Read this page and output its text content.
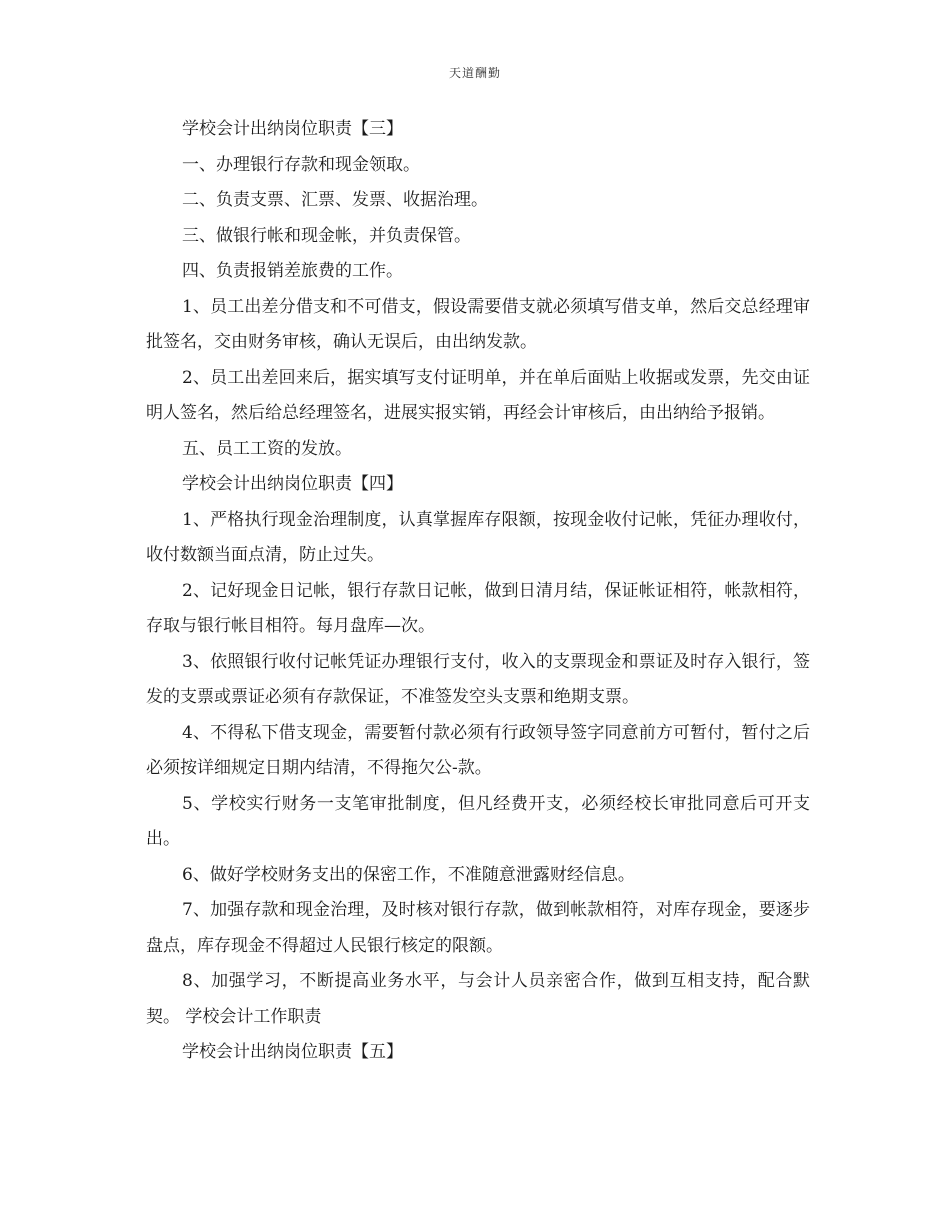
天道酬勤

学校会计出纳岗位职责【三】

一、办理银行存款和现金领取。

二、负责支票、汇票、发票、收据治理。

三、做银行帐和现金帐，并负责保管。

四、负责报销差旅费的工作。

1、员工出差分借支和不可借支，假设需要借支就必须填写借支单，然后交总经理审批签名，交由财务审核，确认无误后，由出纳发款。

2、员工出差回来后，据实填写支付证明单，并在单后面贴上收据或发票，先交由证明人签名，然后给总经理签名，进展实报实销，再经会计审核后，由出纳给予报销。

五、员工工资的发放。

学校会计出纳岗位职责【四】

1、严格执行现金治理制度，认真掌握库存限额，按现金收付记帐，凭征办理收付，收付数额当面点清，防止过失。

2、记好现金日记帐，银行存款日记帐，做到日清月结，保证帐证相符，帐款相符，存取与银行帐目相符。每月盘库—次。

3、依照银行收付记帐凭证办理银行支付，收入的支票现金和票证及时存入银行，签发的支票或票证必须有存款保证，不准签发空头支票和绝期支票。

4、不得私下借支现金，需要暂付款必须有行政领导签字同意前方可暂付，暂付之后必须按详细规定日期内结清，不得拖欠公-款。

5、学校实行财务一支笔审批制度，但凡经费开支，必须经校长审批同意后可开支出。

6、做好学校财务支出的保密工作，不准随意泄露财经信息。

7、加强存款和现金治理，及时核对银行存款，做到帐款相符，对库存现金，要逐步盘点，库存现金不得超过人民银行核定的限额。

8、加强学习，不断提高业务水平，与会计人员亲密合作，做到互相支持，配合默契。 学校会计工作职责

学校会计出纳岗位职责【五】
